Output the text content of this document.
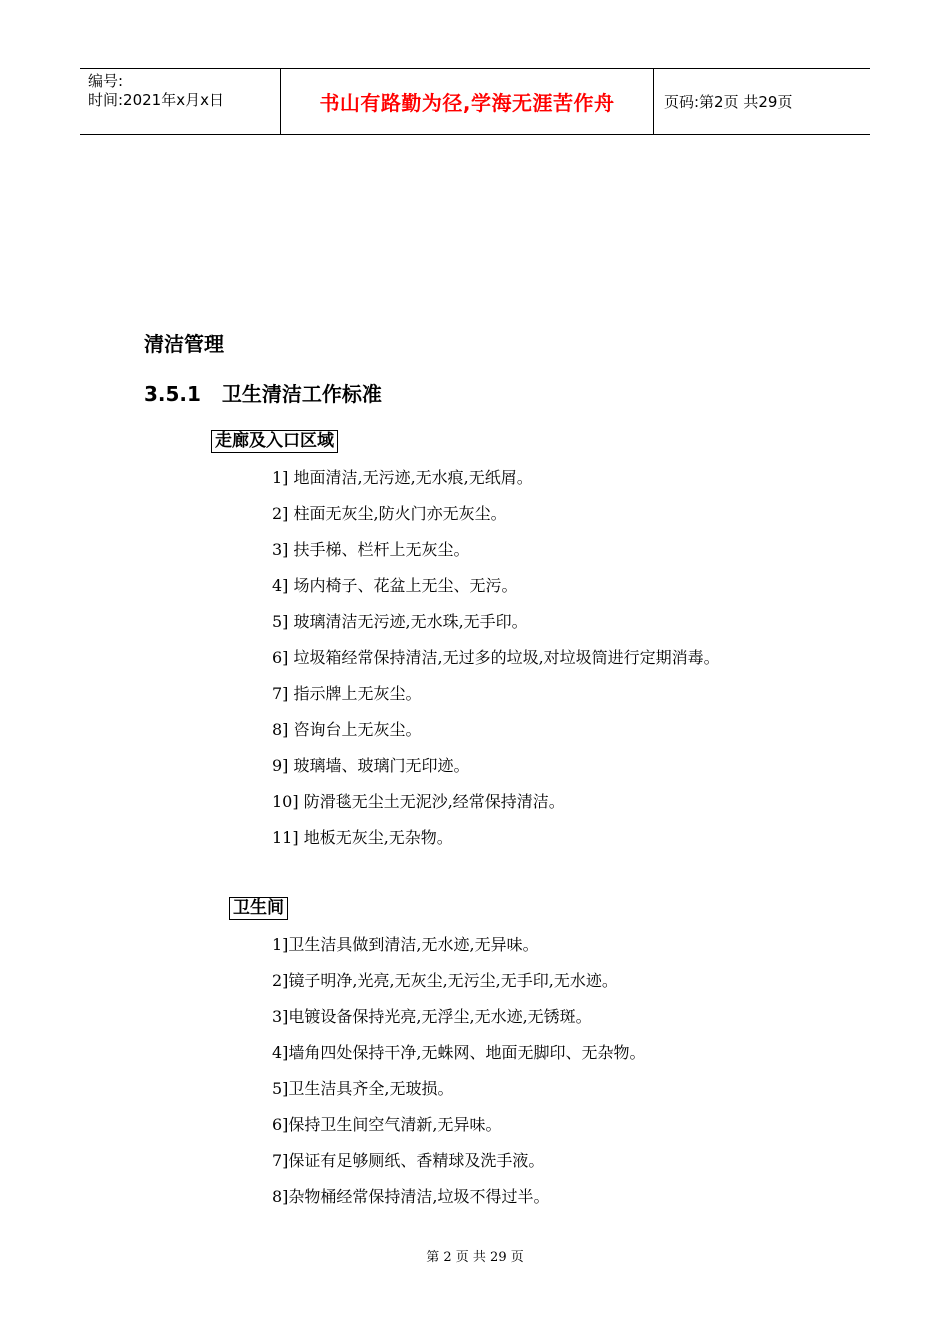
编号:
时间:2021年x月x日	书山有路勤为径,学海无涯苦作舟	页码:第2页 共29页
清洁管理
3.5.1   卫生清洁工作标准
走廊及入口区域
1] 地面清洁,无污迹,无水痕,无纸屑。
2] 柱面无灰尘,防火门亦无灰尘。
3] 扶手梯、栏杆上无灰尘。
4] 场内椅子、花盆上无尘、无污。
5] 玻璃清洁无污迹,无水珠,无手印。
6] 垃圾箱经常保持清洁,无过多的垃圾,对垃圾筒进行定期消毒。
7] 指示牌上无灰尘。
8] 咨询台上无灰尘。
9] 玻璃墙、玻璃门无印迹。
10] 防滑毯无尘土无泥沙,经常保持清洁。
11] 地板无灰尘,无杂物。
卫生间
1]卫生洁具做到清洁,无水迹,无异味。
2]镜子明净,光亮,无灰尘,无污尘,无手印,无水迹。
3]电镀设备保持光亮,无浮尘,无水迹,无锈斑。
4]墙角四处保持干净,无蛛网、地面无脚印、无杂物。
5]卫生洁具齐全,无玻损。
6]保持卫生间空气清新,无异味。
7]保证有足够厕纸、香精球及洗手液。
8]杂物桶经常保持清洁,垃圾不得过半。
第 2 页 共 29 页
